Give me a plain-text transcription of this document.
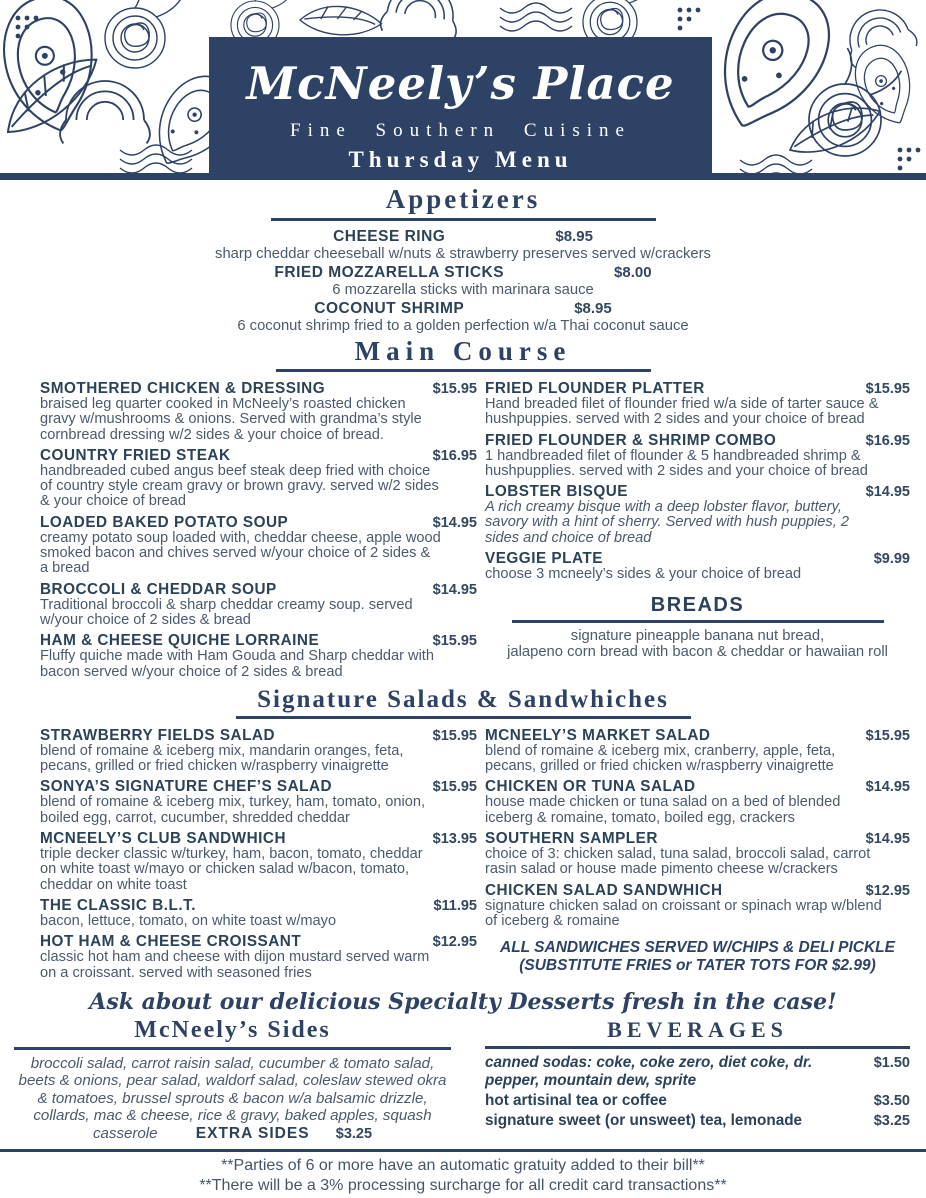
McNeely’s Place
Fine Southern Cuisine
Thursday Menu
Appetizers
CHEESE RING	$8.95
sharp cheddar cheeseball w/nuts & strawberry preserves served w/crackers
FRIED MOZZARELLA STICKS	$8.00
6 mozzarella sticks with marinara sauce
COCONUT SHRIMP	$8.95
6 coconut shrimp fried to a golden perfection w/a Thai coconut sauce
Main Course
SMOTHERED CHICKEN & DRESSING	$15.95
braised leg quarter cooked in McNeely’s roasted chicken gravy w/mushrooms & onions. Served with grandma’s style cornbread dressing w/2 sides & your choice of bread.
COUNTRY FRIED STEAK	$16.95
handbreaded cubed angus beef steak deep fried with choice of country style cream gravy or brown gravy. served w/2 sides & your choice of bread
LOADED BAKED POTATO SOUP	$14.95
creamy potato soup loaded with, cheddar cheese, apple wood smoked bacon and chives served w/your choice of 2 sides & a bread
BROCCOLI & CHEDDAR SOUP	$14.95
Traditional broccoli & sharp cheddar creamy soup. served w/your choice of 2 sides & bread
HAM & CHEESE QUICHE LORRAINE	$15.95
Fluffy quiche made with Ham Gouda and Sharp cheddar with bacon served w/your choice of 2 sides & bread
FRIED FLOUNDER PLATTER	$15.95
Hand breaded filet of flounder fried w/a side of tarter sauce & hushpuppies. served with 2 sides and your choice of bread
FRIED FLOUNDER & SHRIMP COMBO	$16.95
1 handbreaded filet of flounder & 5 handbreaded shrimp & hushpupplies. served with 2 sides and your choice of bread
LOBSTER BISQUE	$14.95
A rich creamy bisque with a deep lobster flavor, buttery, savory with a hint of sherry. Served with hush puppies, 2 sides and choice of bread
VEGGIE PLATE	$9.99
choose 3 mcneely’s sides & your choice of bread
BREADS
signature pineapple banana nut bread,
jalapeno corn bread with bacon & cheddar or hawaiian roll
Signature Salads & Sandwhiches
STRAWBERRY FIELDS SALAD	$15.95
blend of romaine & iceberg mix, mandarin oranges, feta, pecans, grilled or fried chicken w/raspberry vinaigrette
SONYA’S SIGNATURE CHEF’S SALAD	$15.95
blend of romaine & iceberg mix, turkey, ham, tomato, onion, boiled egg, carrot, cucumber, shredded cheddar
MCNEELY’S CLUB SANDWHICH	$13.95
triple decker classic w/turkey, ham, bacon, tomato, cheddar on white toast w/mayo or chicken salad w/bacon, tomato, cheddar on white toast
THE CLASSIC B.L.T.	$11.95
bacon, lettuce, tomato, on white toast w/mayo
HOT HAM & CHEESE CROISSANT	$12.95
classic hot ham and cheese with dijon mustard served warm on a croissant. served with seasoned fries
MCNEELY’S MARKET SALAD	$15.95
blend of romaine & iceberg mix, cranberry, apple, feta, pecans, grilled or fried chicken w/raspberry vinaigrette
CHICKEN OR TUNA SALAD	$14.95
house made chicken or tuna salad on a bed of blended iceberg & romaine, tomato, boiled egg, crackers
SOUTHERN SAMPLER	$14.95
choice of 3: chicken salad, tuna salad, broccoli salad, carrot rasin salad or house made pimento cheese w/crackers
CHICKEN SALAD SANDWHICH	$12.95
signature chicken salad on croissant or spinach wrap w/blend of iceberg & romaine
ALL SANDWICHES SERVED W/CHIPS & DELI PICKLE
(SUBSTITUTE FRIES or TATER TOTS FOR $2.99)
Ask about our delicious Specialty Desserts fresh in the case!
McNeely’s Sides
broccoli salad, carrot raisin salad, cucumber & tomato salad, beets & onions, pear salad, waldorf salad, coleslaw stewed okra & tomatoes, brussel sprouts & bacon w/a balsamic drizzle, collards, mac & cheese, rice & gravy, baked apples, squash casserole EXTRA SIDES $3.25
BEVERAGES
canned sodas: coke, coke zero, diet coke, dr. pepper, mountain dew, sprite
$1.50
hot artisinal tea or coffee	$3.50
signature sweet (or unsweet) tea, lemonade	$3.25
**Parties of 6 or more have an automatic gratuity added to their bill**
**There will be a 3% processing surcharge for all credit card transactions**
